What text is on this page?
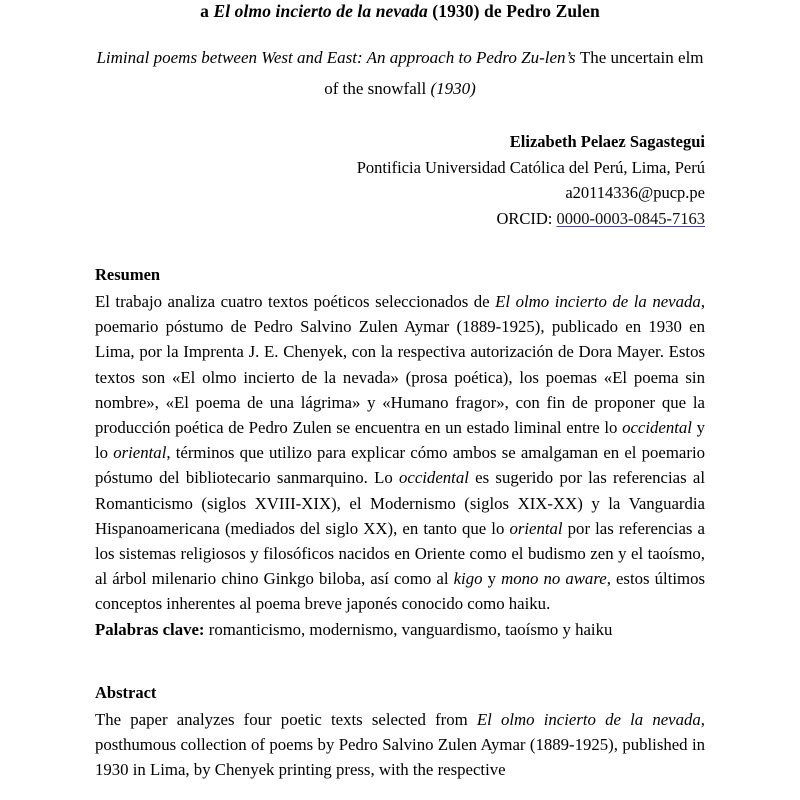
a El olmo incierto de la nevada (1930) de Pedro Zulen
Liminal poems between West and East: An approach to Pedro Zu-len’s The uncertain elm of the snowfall (1930)
Elizabeth Pelaez Sagastegui
Pontificia Universidad Católica del Perú, Lima, Perú
a20114336@pucp.pe
ORCID: 0000-0003-0845-7163
Resumen

El trabajo analiza cuatro textos poéticos seleccionados de El olmo incierto de la nevada, poemario póstumo de Pedro Salvino Zulen Aymar (1889-1925), publicado en 1930 en Lima, por la Imprenta J. E. Chenyek, con la respectiva autorización de Dora Mayer. Estos textos son «El olmo incierto de la nevada» (prosa poética), los poemas «El poema sin nombre», «El poema de una lágrima» y «Humano fragor», con fin de proponer que la producción poética de Pedro Zulen se encuentra en un estado liminal entre lo occidental y lo oriental, términos que utilizo para explicar cómo ambos se amalgaman en el poemario póstumo del bibliotecario sanmarquino. Lo occidental es sugerido por las referencias al Romanticismo (siglos XVIII-XIX), el Modernismo (siglos XIX-XX) y la Vanguardia Hispanoamericana (mediados del siglo XX), en tanto que lo oriental por las referencias a los sistemas religiosos y filosóficos nacidos en Oriente como el budismo zen y el taoísmo, al árbol milenario chino Ginkgo biloba, así como al kigo y mono no aware, estos últimos conceptos inherentes al poema breve japonés conocido como haiku.

Palabras clave: romanticismo, modernismo, vanguardismo, taoísmo y haiku

Abstract

The paper analyzes four poetic texts selected from El olmo incierto de la nevada, posthumous collection of poems by Pedro Salvino Zulen Aymar (1889-1925), published in 1930 in Lima, by Chenyek printing press, with the respective
